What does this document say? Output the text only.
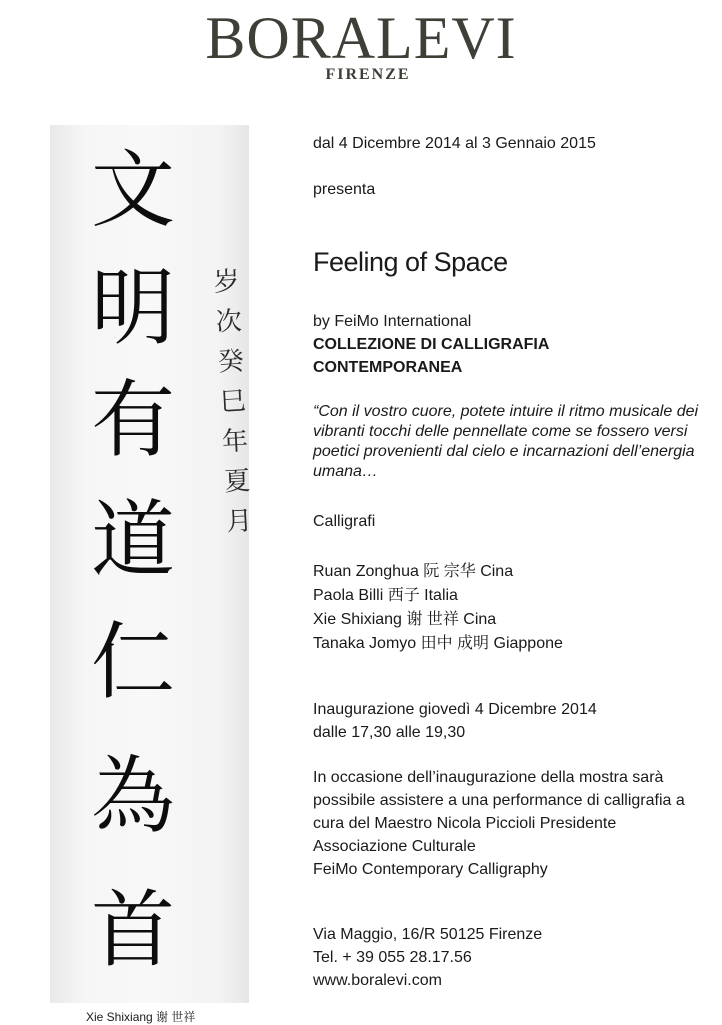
BORALEVI
FIRENZE
文
明
有
道
仁
為
首
岁
次
癸
巳
年
夏
月
Xie Shixiang 谢 世祥
dal 4 Dicembre 2014 al 3 Gennaio 2015
presenta
Feeling of Space
by FeiMo International
COLLEZIONE DI CALLIGRAFIA
CONTEMPORANEA
“Con il vostro cuore, potete intuire il ritmo musicale dei vibranti tocchi delle pennellate come se fossero versi poetici provenienti dal cielo e incarnazioni dell’energia umana…
Calligrafi
Ruan Zonghua 阮 宗华 Cina
Paola Billi 西子 Italia
Xie Shixiang 谢 世祥 Cina
Tanaka Jomyo 田中 成明 Giappone
Inaugurazione giovedì 4 Dicembre 2014
dalle 17,30 alle 19,30
In occasione dell’inaugurazione della mostra sarà
possibile assistere a una performance di calligrafia a
cura del Maestro Nicola Piccioli Presidente
Associazione Culturale
FeiMo Contemporary Calligraphy
Via Maggio, 16/R 50125 Firenze
Tel. + 39 055 28.17.56
www.boralevi.com
